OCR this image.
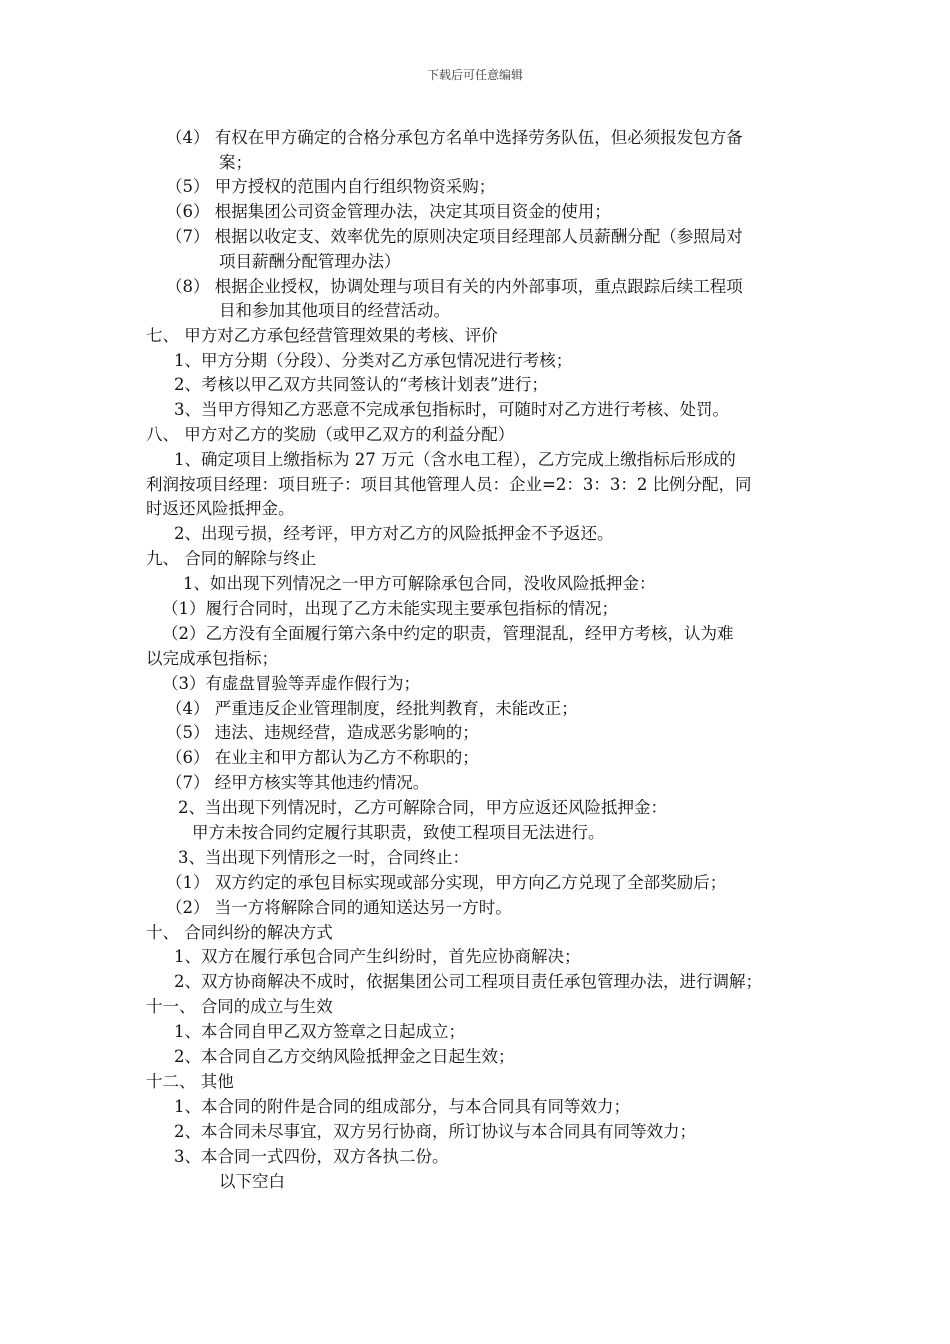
下载后可任意编辑
（4） 有权在甲方确定的合格分承包方名单中选择劳务队伍，但必须报发包方备
案；
（5） 甲方授权的范围内自行组织物资采购；
（6） 根据集团公司资金管理办法，决定其项目资金的使用；
（7） 根据以收定支、效率优先的原则决定项目经理部人员薪酬分配（参照局对
项目薪酬分配管理办法）
（8） 根据企业授权，协调处理与项目有关的内外部事项，重点跟踪后续工程项
目和参加其他项目的经营活动。
七、 甲方对乙方承包经营管理效果的考核、评价
1、甲方分期（分段）、分类对乙方承包情况进行考核；
2、考核以甲乙双方共同签认的“考核计划表”进行；
3、当甲方得知乙方恶意不完成承包指标时，可随时对乙方进行考核、处罚。
八、 甲方对乙方的奖励（或甲乙双方的利益分配）
1、确定项目上缴指标为 27 万元（含水电工程），乙方完成上缴指标后形成的
利润按项目经理：项目班子：项目其他管理人员：企业=2：3：3：2 比例分配，同
时返还风险抵押金。
2、出现亏损，经考评，甲方对乙方的风险抵押金不予返还。
九、 合同的解除与终止
1、如出现下列情况之一甲方可解除承包合同，没收风险抵押金：
（1）履行合同时，出现了乙方未能实现主要承包指标的情况；
（2）乙方没有全面履行第六条中约定的职责，管理混乱，经甲方考核，认为难
以完成承包指标；
（3）有虚盘冒验等弄虚作假行为；
（4） 严重违反企业管理制度，经批判教育，未能改正；
（5） 违法、违规经营，造成恶劣影响的；
（6） 在业主和甲方都认为乙方不称职的；
（7） 经甲方核实等其他违约情况。
2、当出现下列情况时，乙方可解除合同，甲方应返还风险抵押金：
甲方未按合同约定履行其职责，致使工程项目无法进行。
3、当出现下列情形之一时，合同终止：
（1） 双方约定的承包目标实现或部分实现，甲方向乙方兑现了全部奖励后；
（2） 当一方将解除合同的通知送达另一方时。
十、 合同纠纷的解决方式
1、双方在履行承包合同产生纠纷时，首先应协商解决；
2、双方协商解决不成时，依据集团公司工程项目责任承包管理办法，进行调解；
十一、 合同的成立与生效
1、本合同自甲乙双方签章之日起成立；
2、本合同自乙方交纳风险抵押金之日起生效；
十二、 其他
1、本合同的附件是合同的组成部分，与本合同具有同等效力；
2、本合同未尽事宜，双方另行协商，所订协议与本合同具有同等效力；
3、本合同一式四份，双方各执二份。
以下空白
